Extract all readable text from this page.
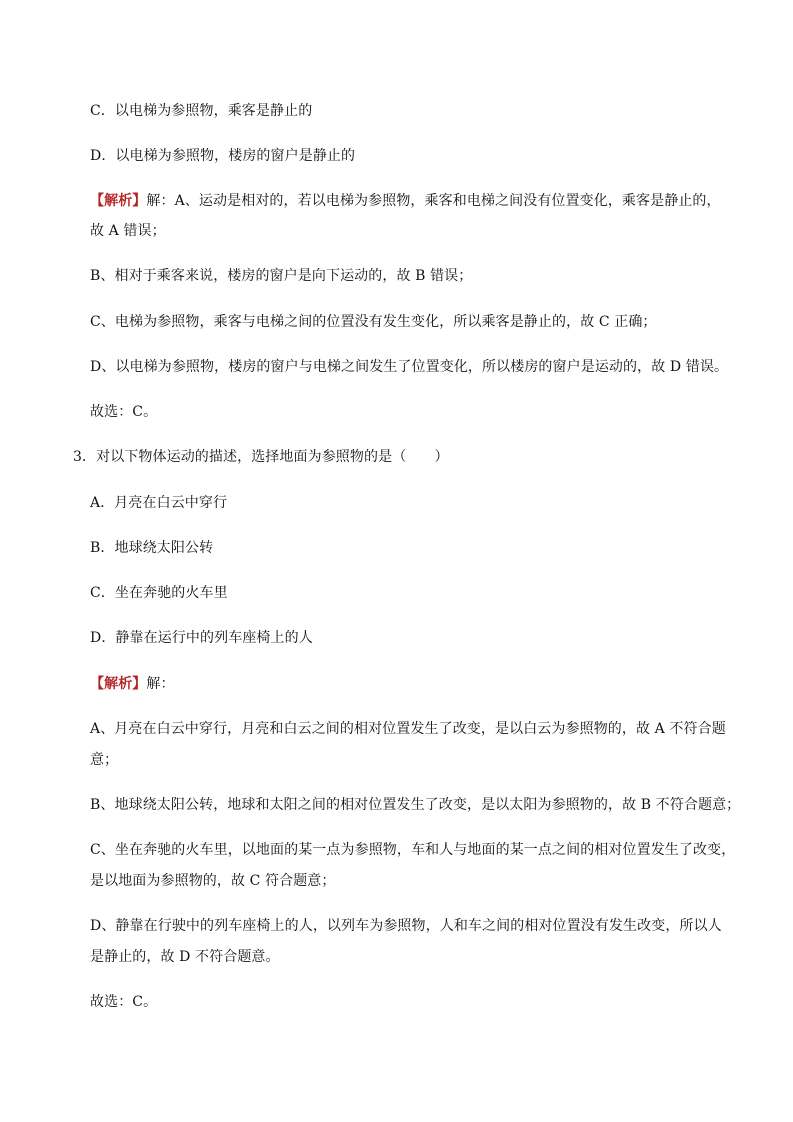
C．以电梯为参照物，乘客是静止的
D．以电梯为参照物，楼房的窗户是静止的
【解析】解：A、运动是相对的，若以电梯为参照物，乘客和电梯之间没有位置变化，乘客是静止的，
故 A 错误；
B、相对于乘客来说，楼房的窗户是向下运动的，故 B 错误；
C、电梯为参照物，乘客与电梯之间的位置没有发生变化，所以乘客是静止的，故 C 正确；
D、以电梯为参照物，楼房的窗户与电梯之间发生了位置变化，所以楼房的窗户是运动的，故 D 错误。
故选：C。
3．对以下物体运动的描述，选择地面为参照物的是（　　）
A．月亮在白云中穿行
B．地球绕太阳公转
C．坐在奔驰的火车里
D．静靠在运行中的列车座椅上的人
【解析】解：
A、月亮在白云中穿行，月亮和白云之间的相对位置发生了改变，是以白云为参照物的，故 A 不符合题
意；
B、地球绕太阳公转，地球和太阳之间的相对位置发生了改变，是以太阳为参照物的，故 B 不符合题意；
C、坐在奔驰的火车里，以地面的某一点为参照物，车和人与地面的某一点之间的相对位置发生了改变，
是以地面为参照物的，故 C 符合题意；
D、静靠在行驶中的列车座椅上的人，以列车为参照物，人和车之间的相对位置没有发生改变，所以人
是静止的，故 D 不符合题意。
故选：C。
